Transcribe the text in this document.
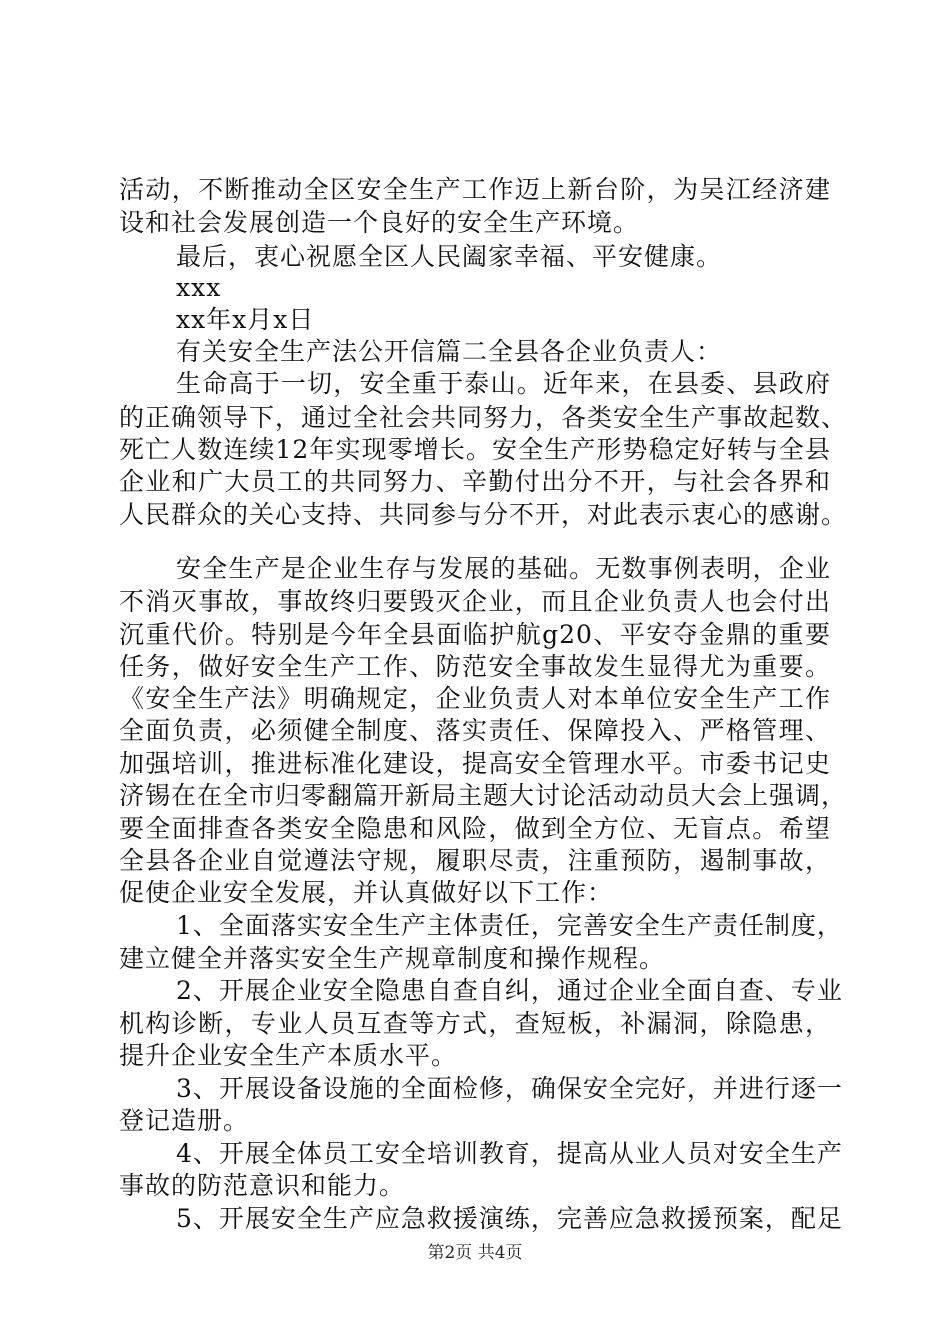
活动，不断推动全区安全生产工作迈上新台阶，为吴江经济建
设和社会发展创造一个良好的安全生产环境。
最后，衷心祝愿全区人民阖家幸福、平安健康。
xxx
xx年x月x日
有关安全生产法公开信篇二全县各企业负责人：
生命高于一切，安全重于泰山。近年来，在县委、县政府
的正确领导下，通过全社会共同努力，各类安全生产事故起数、
死亡人数连续12年实现零增长。安全生产形势稳定好转与全县
企业和广大员工的共同努力、辛勤付出分不开，与社会各界和
人民群众的关心支持、共同参与分不开，对此表示衷心的感谢。
安全生产是企业生存与发展的基础。无数事例表明，企业
不消灭事故，事故终归要毁灭企业，而且企业负责人也会付出
沉重代价。特别是今年全县面临护航g20、平安夺金鼎的重要
任务，做好安全生产工作、防范安全事故发生显得尤为重要。
《安全生产法》明确规定，企业负责人对本单位安全生产工作
全面负责，必须健全制度、落实责任、保障投入、严格管理、
加强培训，推进标准化建设，提高安全管理水平。市委书记史
济锡在在全市归零翻篇开新局主题大讨论活动动员大会上强调，
要全面排查各类安全隐患和风险，做到全方位、无盲点。希望
全县各企业自觉遵法守规，履职尽责，注重预防，遏制事故，
促使企业安全发展，并认真做好以下工作：
1、全面落实安全生产主体责任，完善安全生产责任制度，
建立健全并落实安全生产规章制度和操作规程。
2、开展企业安全隐患自查自纠，通过企业全面自查、专业
机构诊断，专业人员互查等方式，查短板，补漏洞，除隐患，
提升企业安全生产本质水平。
3、开展设备设施的全面检修，确保安全完好，并进行逐一
登记造册。
4、开展全体员工安全培训教育，提高从业人员对安全生产
事故的防范意识和能力。
5、开展安全生产应急救援演练，完善应急救援预案，配足
第2页 共4页
